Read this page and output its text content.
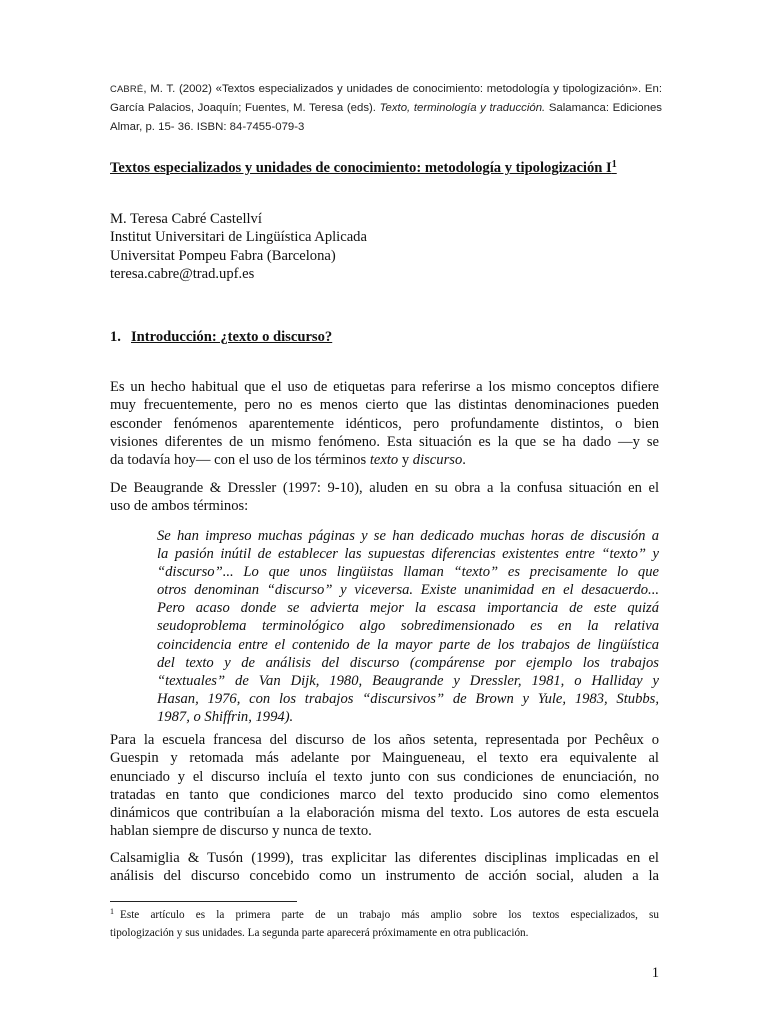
CABRÉ, M. T. (2002) «Textos especializados y unidades de conocimiento: metodología y tipologización». En: García Palacios, Joaquín; Fuentes, M. Teresa (eds). Texto, terminología y traducción. Salamanca: Ediciones Almar, p. 15- 36. ISBN: 84-7455-079-3
Textos especializados y unidades de conocimiento: metodología y tipologización $I^1$
M. Teresa Cabré Castellví
Institut Universitari de Lingüística Aplicada
Universitat Pompeu Fabra (Barcelona)
teresa.cabre@trad.upf.es
1. Introducción: ¿texto o discurso?
Es un hecho habitual que el uso de etiquetas para referirse a los mismo conceptos difiere
muy frecuentemente, pero no es menos cierto que las distintas denominaciones pueden
esconder fenómenos aparentemente idénticos, pero profundamente distintos, o bien
visiones diferentes de un mismo fenómeno. Esta situación es la que se ha dado —y se
da todavía hoy— con el uso de los términos texto y discurso.
De Beaugrande & Dressler (1997: 9-10), aluden en su obra a la confusa situación en el
uso de ambos términos:
Se han impreso muchas páginas y se han dedicado muchas horas de discusión a
la pasión inútil de establecer las supuestas diferencias existentes entre “texto” y
“discurso”... Lo que unos lingüistas llaman “texto” es precisamente lo que
otros denominan “discurso” y viceversa. Existe unanimidad en el desacuerdo...
Pero acaso donde se advierta mejor la escasa importancia de este quizá
seudoproblema terminológico algo sobredimensionado es en la relativa
coincidencia entre el contenido de la mayor parte de los trabajos de lingüística
del texto y de análisis del discurso (compárense por ejemplo los trabajos
“textuales” de Van Dijk, 1980, Beaugrande y Dressler, 1981, o Halliday y
Hasan, 1976, con los trabajos “discursivos” de Brown y Yule, 1983, Stubbs,
1987, o Shiffrin, 1994).
Para la escuela francesa del discurso de los años setenta, representada por Pechêux o
Guespin y retomada más adelante por Maingueneau, el texto era equivalente al
enunciado y el discurso incluía el texto junto con sus condiciones de enunciación, no
tratadas en tanto que condiciones marco del texto producido sino como elementos
dinámicos que contribuían a la elaboración misma del texto. Los autores de esta escuela
hablan siempre de discurso y nunca de texto.
Calsamiglia & Tusón (1999), tras explicitar las diferentes disciplinas implicadas en el
análisis del discurso concebido como un instrumento de acción social, aluden a la
$^1$ Este artículo es la primera parte de un trabajo más amplio sobre los textos especializados, su
tipologización y sus unidades. La segunda parte aparecerá próximamente en otra publicación.
1
